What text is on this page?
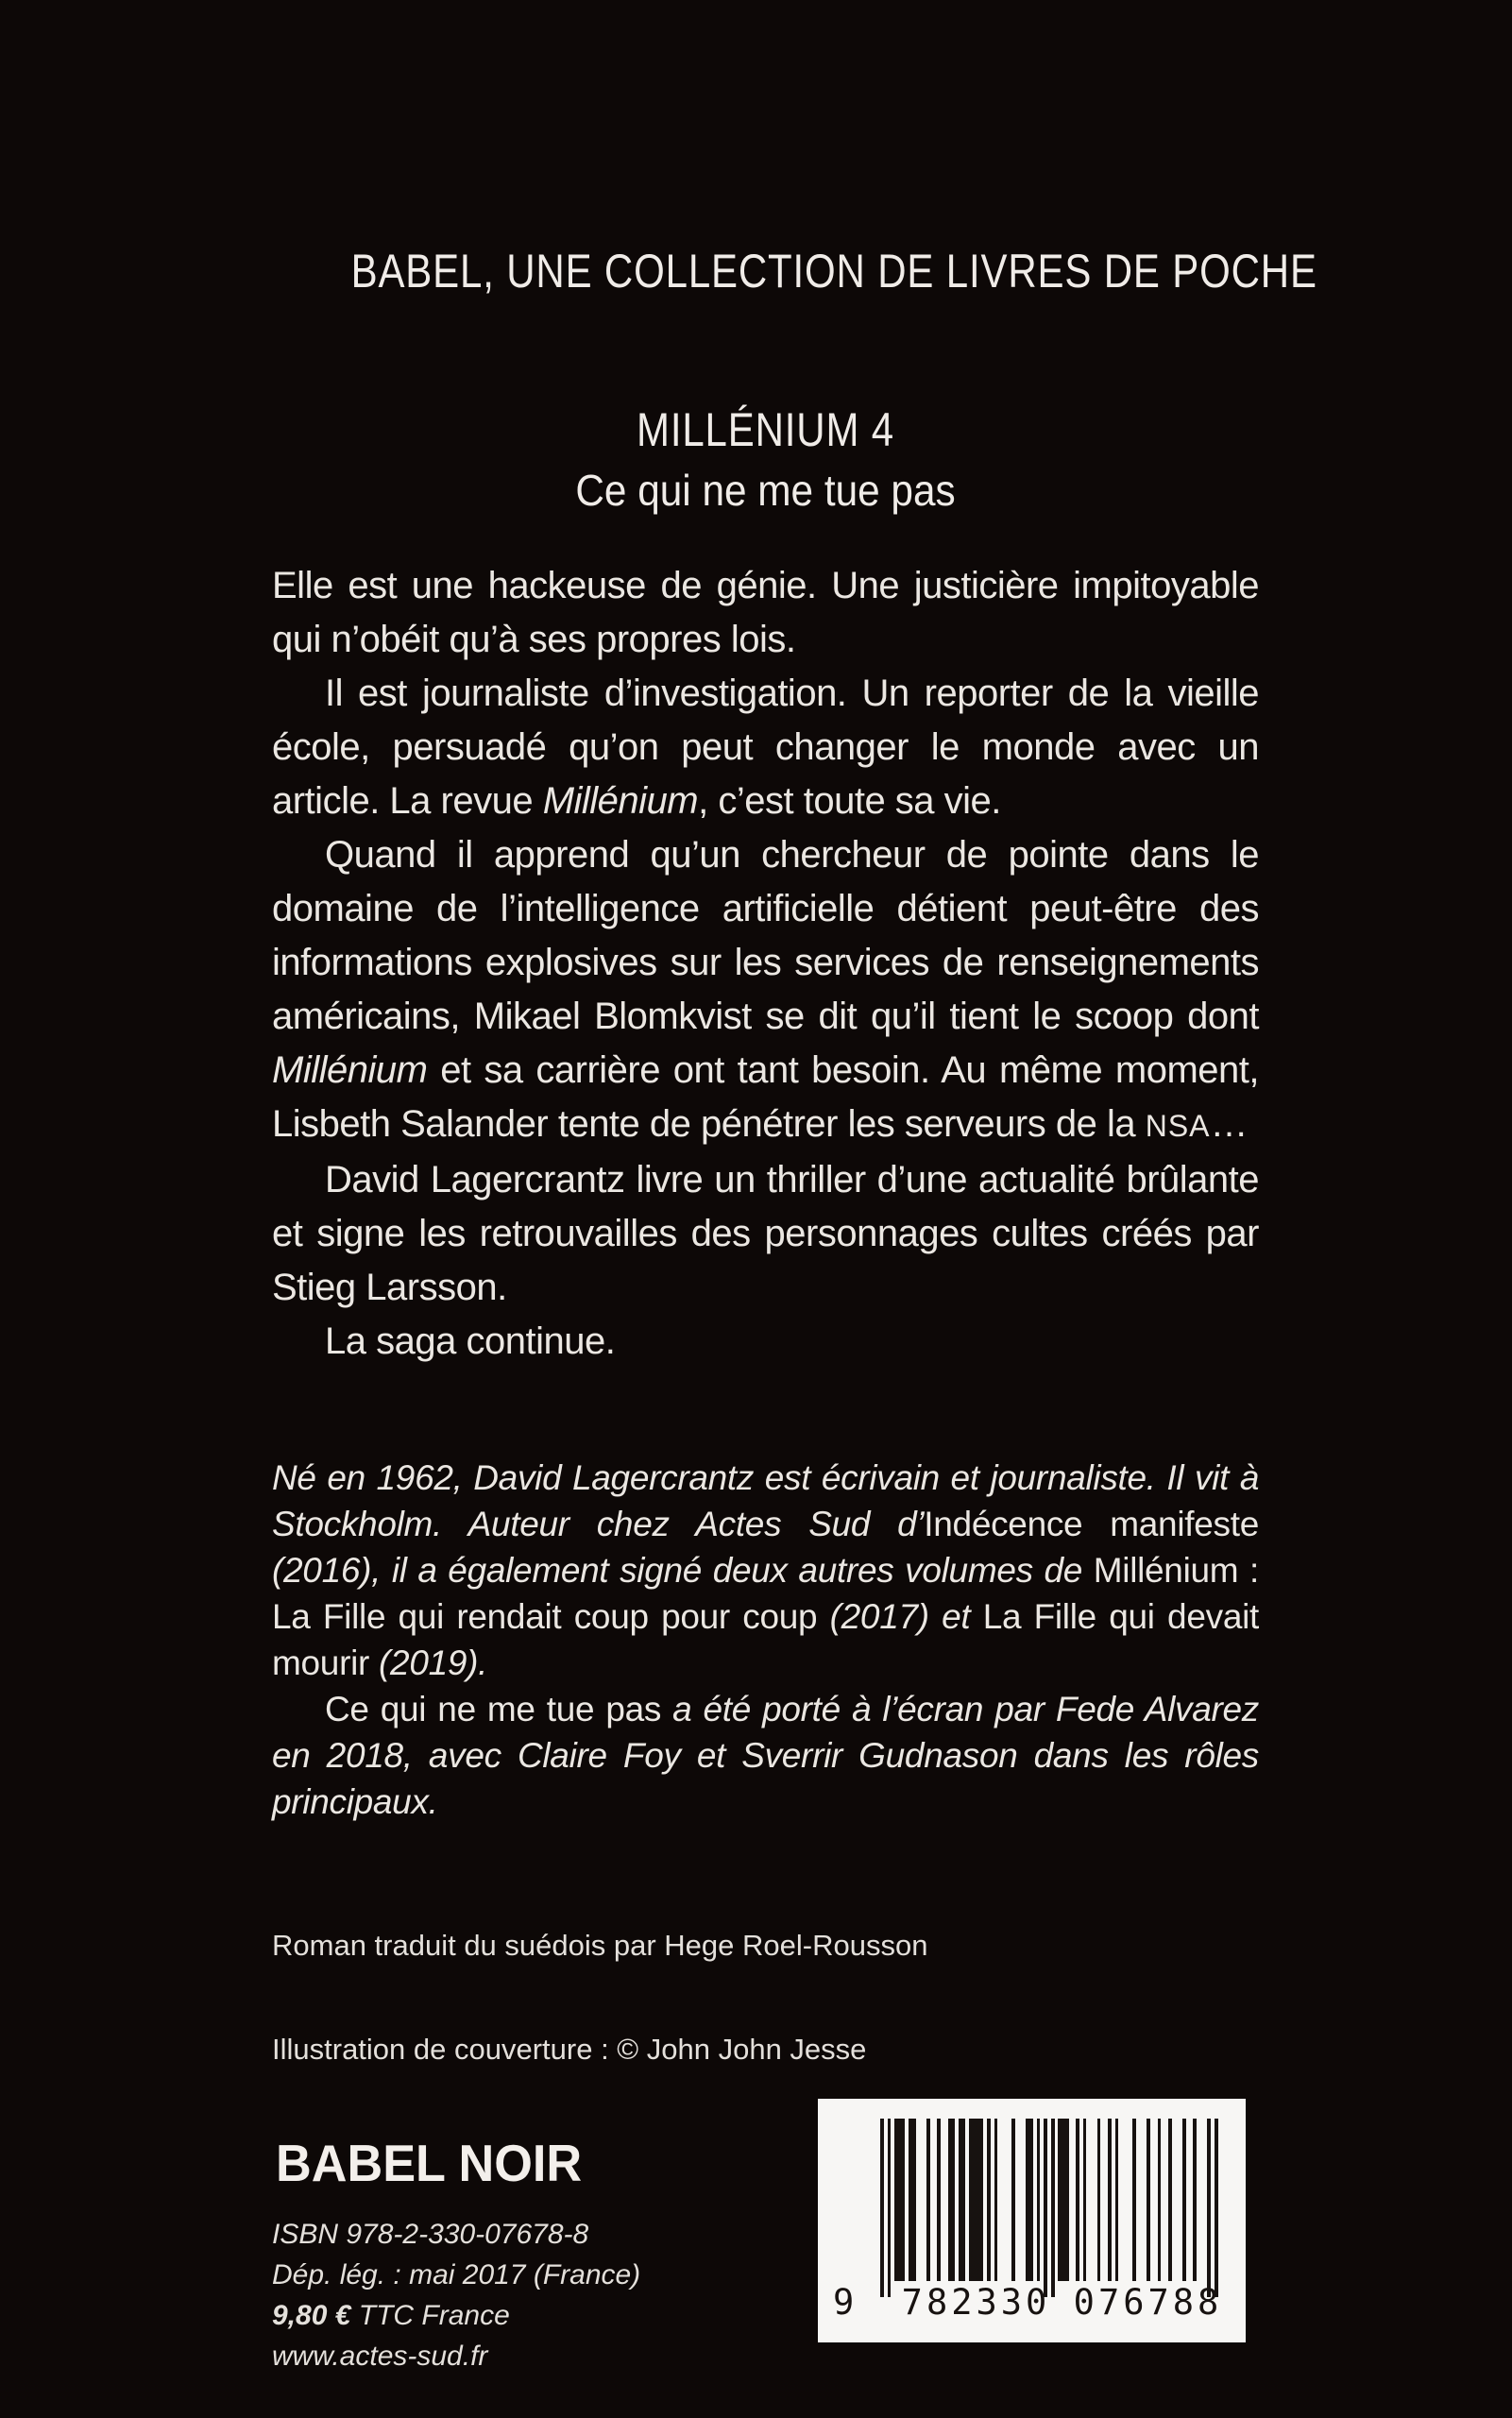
BABEL, UNE COLLECTION DE LIVRES DE POCHE
MILLÉNIUM 4
Ce qui ne me tue pas

Elle est une hackeuse de génie. Une justicière impitoyable qui n’obéit qu’à ses propres lois.

Il est journaliste d’investigation. Un reporter de la vieille école, persuadé qu’on peut changer le monde avec un article. La revue Millénium, c’est toute sa vie.

Quand il apprend qu’un chercheur de pointe dans le domaine de l’intelligence artificielle détient peut-être des informations explosives sur les services de renseignements américains, Mikael Blomkvist se dit qu’il tient le scoop dont Millénium et sa carrière ont tant besoin. Au même moment, Lisbeth Salander tente de pénétrer les serveurs de la NSA…

David Lagercrantz livre un thriller d’une actualité brûlante et signe les retrouvailles des personnages cultes créés par Stieg Larsson.

La saga continue.

Né en 1962, David Lagercrantz est écrivain et journaliste. Il vit à Stockholm. Auteur chez Actes Sud d’Indécence manifeste (2016), il a également signé deux autres volumes de Millénium : La Fille qui rendait coup pour coup (2017) et La Fille qui devait mourir (2019).

Ce qui ne me tue pas a été porté à l’écran par Fede Alvarez en 2018, avec Claire Foy et Sverrir Gudnason dans les rôles principaux.

Roman traduit du suédois par Hege Roel-Rousson
Illustration de couverture : © John John Jesse
BABEL NOIR
ISBN 978-2-330-07678-8
Dép. lég. : mai 2017 (France)
9,80 € TTC France
www.actes-sud.fr
9 782330 076788
